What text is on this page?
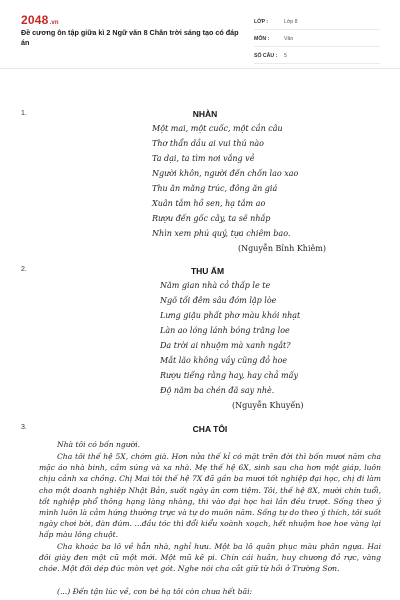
2048.vn
Đề cương ôn tập giữa kì 2 Ngữ văn 8 Chân trời sáng tạo có đáp án
LỚP :	Lớp 8
MÔN :	Văn
SỐ CÂU :	5
1.	NHÀN
Một mai, một cuốc, một cần câu
Thơ thẩn dầu ai vui thú nào
Ta dại, ta tìm nơi vắng vẻ
Người khôn, người đến chốn lao xao
Thu ăn măng trúc, đông ăn giá
Xuân tắm hồ sen, hạ tắm ao
Rượu đến gốc cây, ta sẽ nhắp
Nhìn xem phú quý, tựa chiêm bao.
(Nguyễn Bỉnh Khiêm)
2.	THU ẨM
Năm gian nhà cỏ thấp le te
Ngõ tối đêm sâu đóm lập lòe
Lưng giậu phất phơ màu khói nhạt
Làn ao lóng lánh bóng trăng loe
Da trời ai nhuộm mà xanh ngắt?
Mắt lão không vầy cũng đỏ hoe
Rượu tiếng rằng hay, hay chả mấy
Độ năm ba chén đã say nhè.
(Nguyễn Khuyến)
3.	CHA TÔI
Nhà tôi có bốn người.
Cha tôi thế hệ 5X, chớm già. Hơn nửa thế kỉ có mặt trên đời thì bốn mươi năm cha mặc áo nhà binh, cầm súng và xa nhà. Mẹ thế hệ 6X, sinh sau cha hơn một giáp, luôn chịu cảnh xa chồng. Chị Mai tôi thế hệ 7X đã gần ba mươi tốt nghiệp đại học, chị đi làm cho một doanh nghiệp Nhật Bản, suốt ngày ăn cơm tiệm. Tôi, thế hệ 8X, mười chín tuổi, tốt nghiệp phổ thông hạng làng nhàng, thi vào đại học hai lần đều trượt. Sống theo ý mình luôn là cảm hứng thường trực và tự do muôn năm. Sống tự do theo ý thích, tôi suốt ngày chơi bời, đàn đúm. ...đầu tóc thì đổi kiểu xoành xoạch, hết nhuộm hoe hoe vàng lại hấp màu lông chuột.
Cha khoác ba lô về hẳn nhà, nghỉ hưu. Một ba lô quân phục màu phân ngựa. Hai đôi giày đen một cũ một mới. Một mũ kê pi. Chín cái huân, huy chương đỏ rực, vàng chóe. Một đôi dép đúc mòn vẹt gót. Nghe nói cha cắt giữ từ hồi ở Trường Sơn.
(...) Đến tận lúc về, con bé hạ tôi còn chưa hết bãi:
